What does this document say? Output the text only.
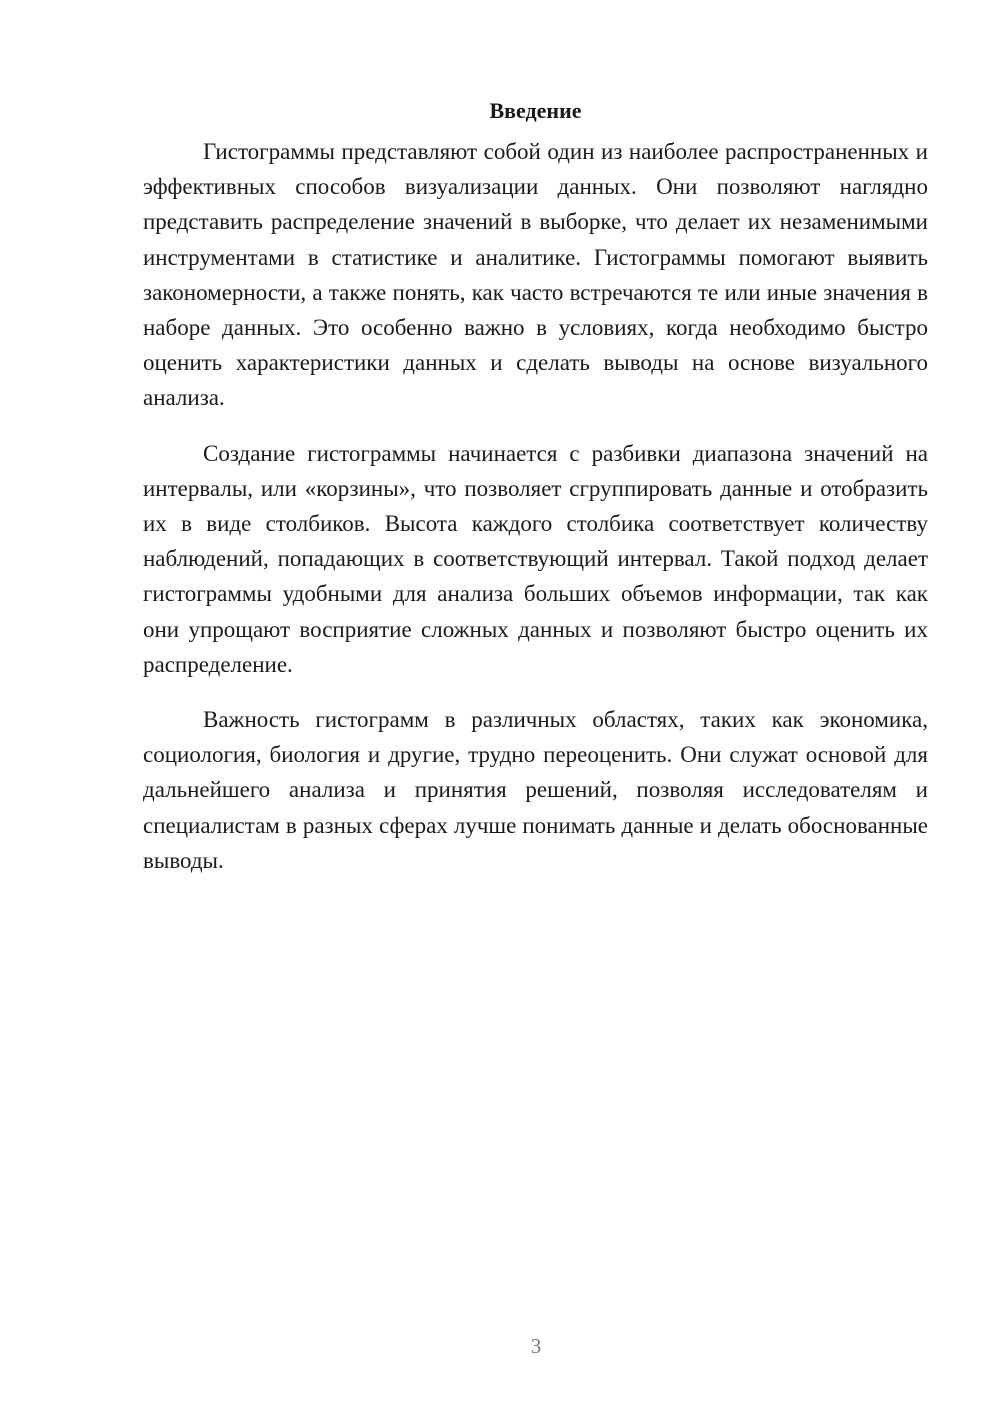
Введение

Гистограммы представляют собой один из наиболее распространенных и эффективных способов визуализации данных. Они позволяют наглядно представить распределение значений в выборке, что делает их незаменимыми инструментами в статистике и аналитике. Гистограммы помогают выявить закономерности, а также понять, как часто встречаются те или иные значения в наборе данных. Это особенно важно в условиях, когда необходимо быстро оценить характеристики данных и сделать выводы на основе визуального анализа.

Создание гистограммы начинается с разбивки диапазона значений на интервалы, или «корзины», что позволяет сгруппировать данные и отобразить их в виде столбиков. Высота каждого столбика соответствует количеству наблюдений, попадающих в соответствующий интервал. Такой подход делает гистограммы удобными для анализа больших объемов информации, так как они упрощают восприятие сложных данных и позволяют быстро оценить их распределение.

Важность гистограмм в различных областях, таких как экономика, социология, биология и другие, трудно переоценить. Они служат основой для дальнейшего анализа и принятия решений, позволяя исследователям и специалистам в разных сферах лучше понимать данные и делать обоснованные выводы.

3
